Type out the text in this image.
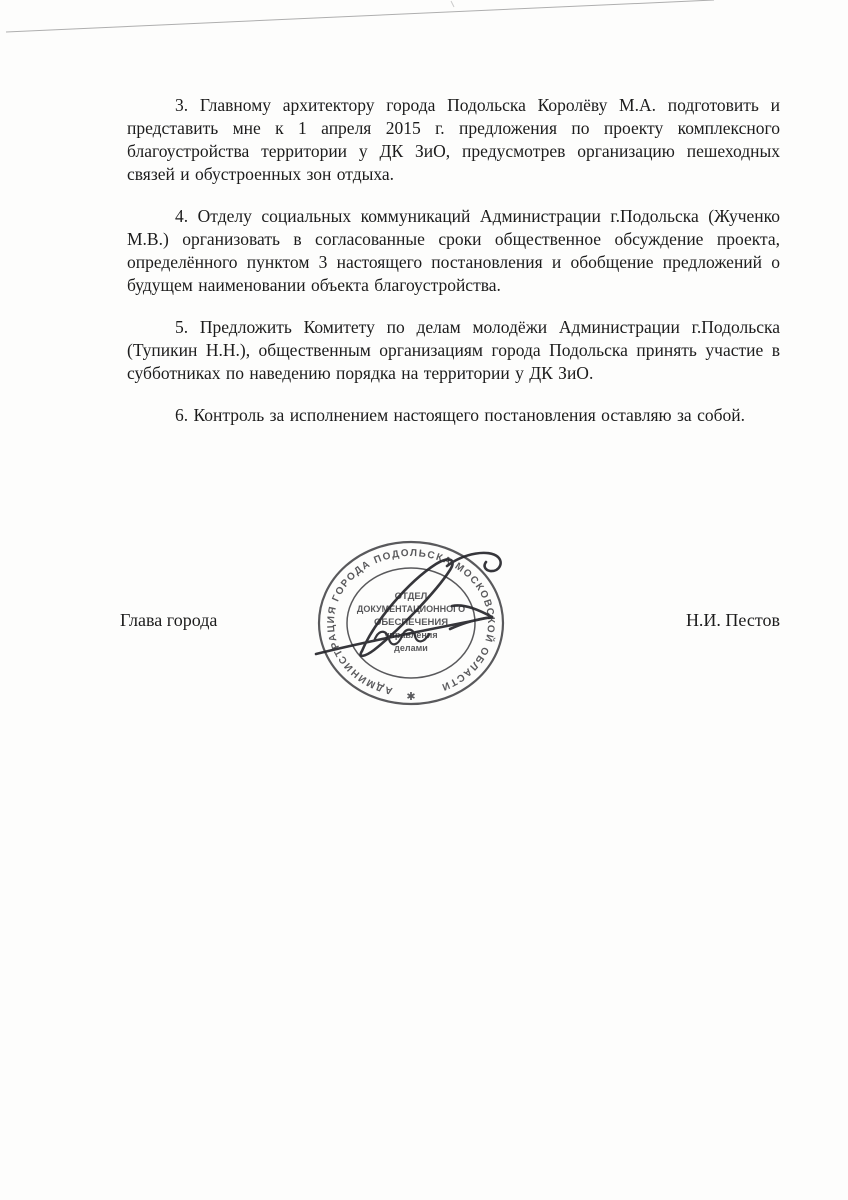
3. Главному архитектору города Подольска Королёву М.А. подготовить и представить мне к 1 апреля 2015 г. предложения по проекту комплексного благоустройства территории у ДК ЗиО, предусмотрев организацию пешеходных связей и обустроенных зон отдыха.

4. Отделу социальных коммуникаций Администрации г.Подольска (Жученко М.В.) организовать в согласованные сроки общественное обсуждение проекта, определённого пунктом 3 настоящего постановления и обобщение предложений о будущем наименовании объекта благоустройства.

5. Предложить Комитету по делам молодёжи Администрации г.Подольска (Тупикин Н.Н.), общественным организациям города Подольска принять участие в субботниках по наведению порядка на территории у ДК ЗиО.

6. Контроль за исполнением настоящего постановления оставляю за собой.

Глава города	Н.И. Пестов
АДМИНИСТРАЦИЯ ГОРОДА ПОДОЛЬСКА МОСКОВСКОЙ ОБЛАСТИ
✱
ОТДЕЛ
ДОКУМЕНТАЦИОННОГО
ОБЕСПЕЧЕНИЯ
управления
делами
